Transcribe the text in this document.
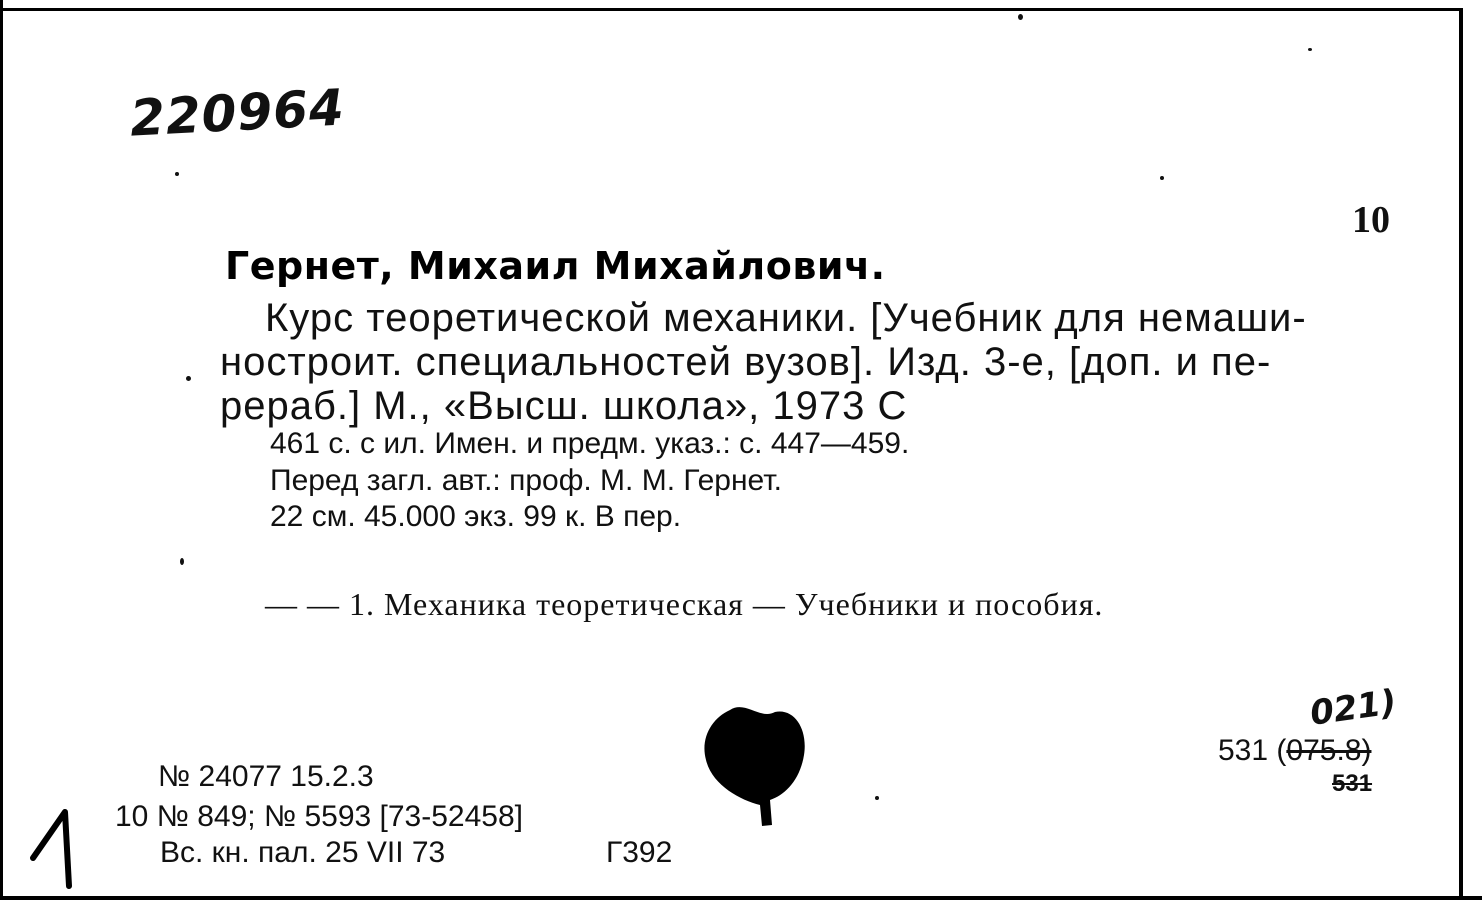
220964
10
Гернет, Михаил Михайлович.
Курс теоретической механики. [Учебник для немаши-
ностроит. специальностей вузов]. Изд. 3-е, [доп. и пе-
рераб.] М., «Высш. школа», 1973 С
461 с. с ил. Имен. и предм. указ.: с. 447—459.
Перед загл. авт.: проф. М. М. Гернет.
22 см. 45.000 экз. 99 к. В пер.
— — 1. Механика теоретическая — Учебники и пособия.
021)
531 (075.8)
531
№ 24077 15.2.3
10 № 849; № 5593 [73-52458]
Вс. кн. пал. 25 VII 73	Г392
